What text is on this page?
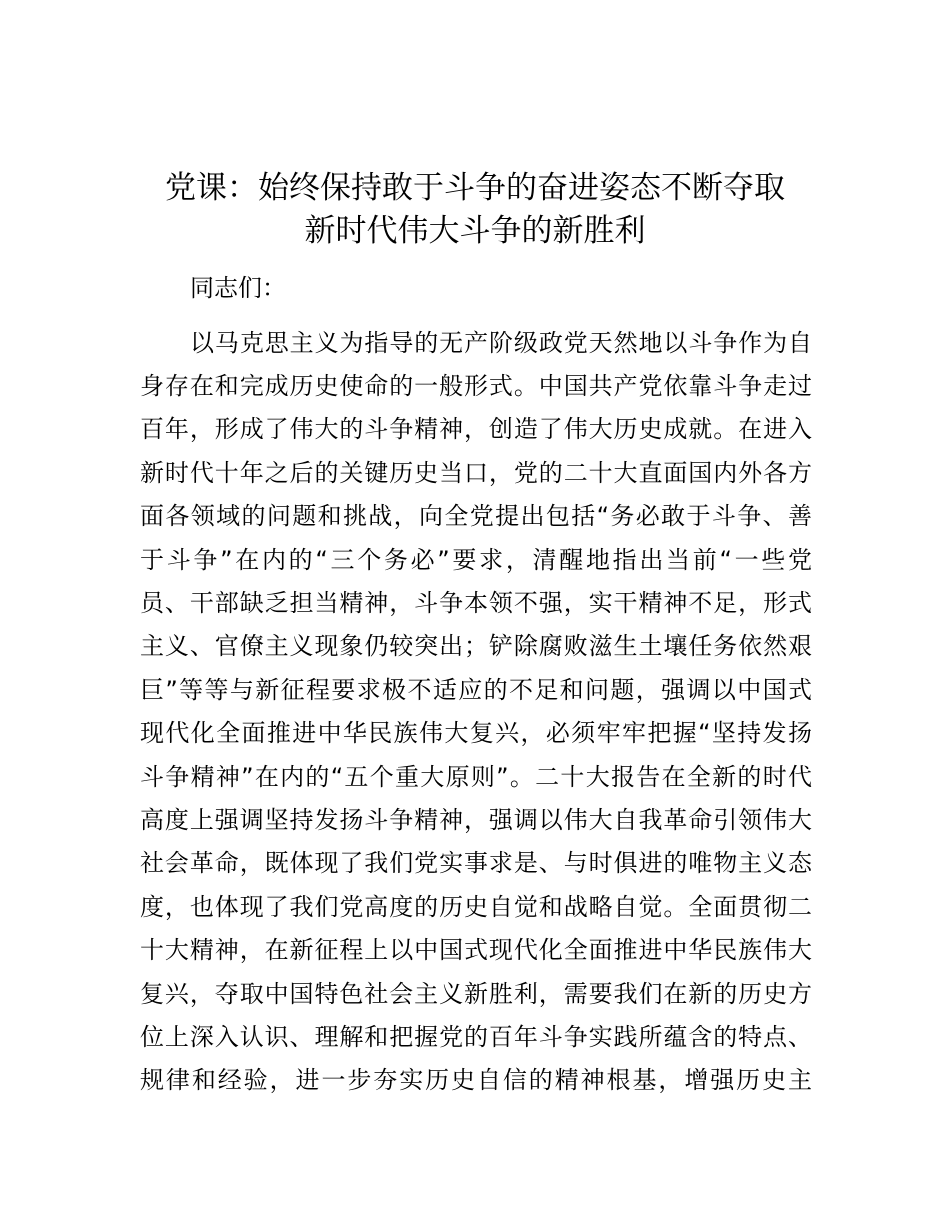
党课：始终保持敢于斗争的奋进姿态不断夺取
新时代伟大斗争的新胜利

同志们：

以马克思主义为指导的无产阶级政党天然地以斗争作为自

身存在和完成历史使命的一般形式。中国共产党依靠斗争走过

百年，形成了伟大的斗争精神，创造了伟大历史成就。在进入

新时代十年之后的关键历史当口，党的二十大直面国内外各方

面各领域的问题和挑战，向全党提出包括“务必敢于斗争、善

于斗争”在内的“三个务必”要求，清醒地指出当前“一些党

员、干部缺乏担当精神，斗争本领不强，实干精神不足，形式

主义、官僚主义现象仍较突出；铲除腐败滋生土壤任务依然艰

巨”等等与新征程要求极不适应的不足和问题，强调以中国式

现代化全面推进中华民族伟大复兴，必须牢牢把握“坚持发扬

斗争精神”在内的“五个重大原则”。二十大报告在全新的时代

高度上强调坚持发扬斗争精神，强调以伟大自我革命引领伟大

社会革命，既体现了我们党实事求是、与时俱进的唯物主义态

度，也体现了我们党高度的历史自觉和战略自觉。全面贯彻二

十大精神，在新征程上以中国式现代化全面推进中华民族伟大

复兴，夺取中国特色社会主义新胜利，需要我们在新的历史方

位上深入认识、理解和把握党的百年斗争实践所蕴含的特点、

规律和经验，进一步夯实历史自信的精神根基，增强历史主
